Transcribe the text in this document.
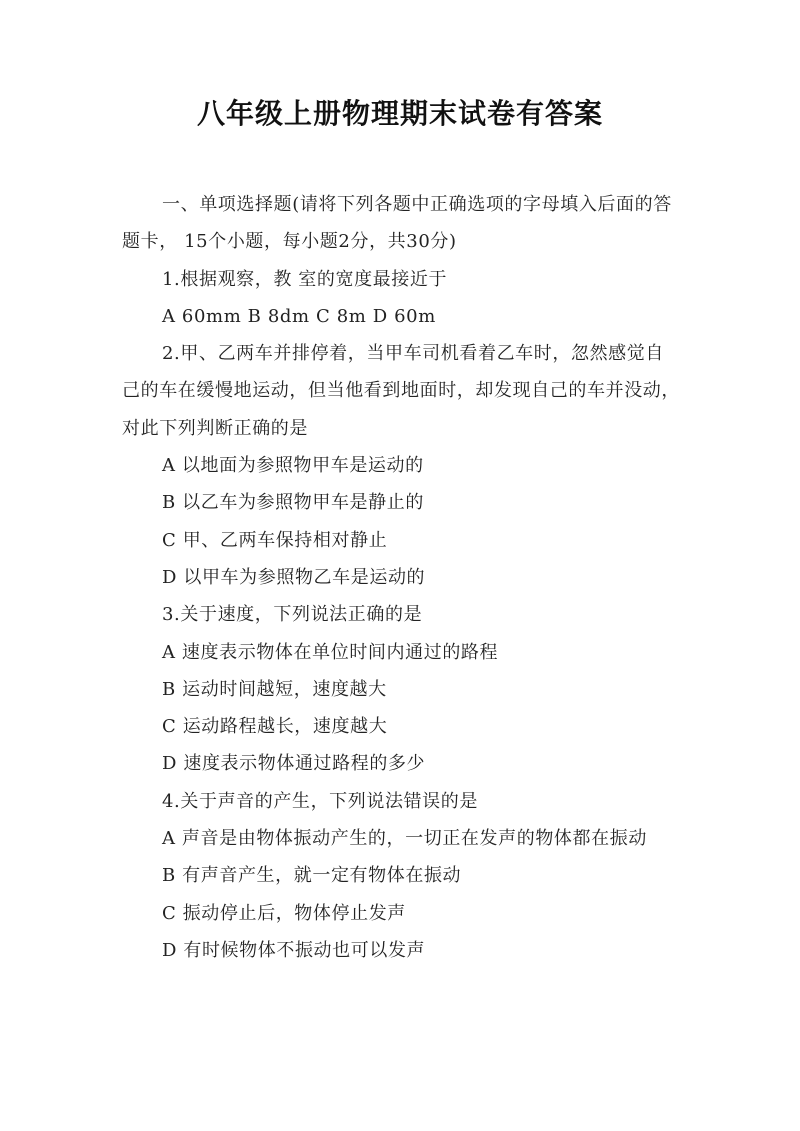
八年级上册物理期末试卷有答案

一、单项选择题(请将下列各题中正确选项的字母填入后面的答题卡， 15个小题，每小题2分，共30分)

1.根据观察，教 室的宽度最接近于

A 60mm B 8dm C 8m D 60m

2.甲、乙两车并排停着，当甲车司机看着乙车时，忽然感觉自己的车在缓慢地运动，但当他看到地面时，却发现自己的车并没动，对此下列判断正确的是

A 以地面为参照物甲车是运动的

B 以乙车为参照物甲车是静止的

C 甲、乙两车保持相对静止

D 以甲车为参照物乙车是运动的

3.关于速度，下列说法正确的是

A 速度表示物体在单位时间内通过的路程

B 运动时间越短，速度越大

C 运动路程越长，速度越大

D 速度表示物体通过路程的多少

4.关于声音的产生，下列说法错误的是

A 声音是由物体振动产生的，一切正在发声的物体都在振动

B 有声音产生，就一定有物体在振动

C 振动停止后，物体停止发声

D 有时候物体不振动也可以发声
